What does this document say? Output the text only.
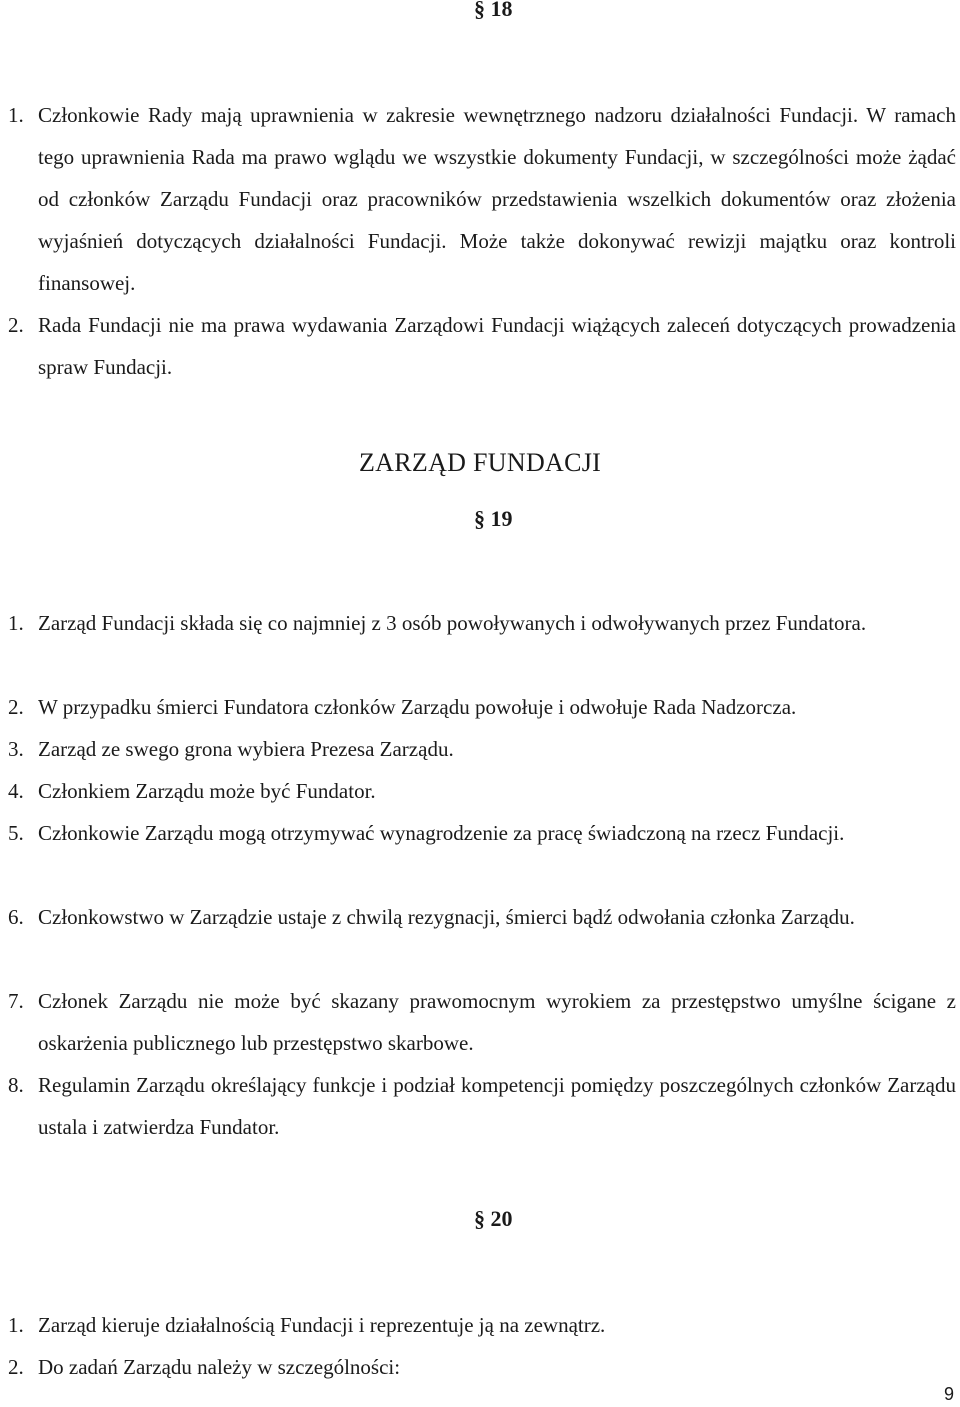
§ 18
1. Członkowie Rady mają uprawnienia w zakresie wewnętrznego nadzoru działalności Fundacji. W ramach tego uprawnienia Rada ma prawo wglądu we wszystkie dokumenty Fundacji, w szczególności może żądać od członków Zarządu Fundacji oraz pracowników przedstawienia wszelkich dokumentów oraz złożenia wyjaśnień dotyczących działalności Fundacji. Może także dokonywać rewizji majątku oraz kontroli finansowej.
2. Rada Fundacji nie ma prawa wydawania Zarządowi Fundacji wiążących zaleceń dotyczących prowadzenia spraw Fundacji.
ZARZĄD FUNDACJI
§ 19
1. Zarząd Fundacji składa się co najmniej z 3 osób powoływanych i odwoływanych przez Fundatora.
2. W przypadku śmierci Fundatora członków Zarządu powołuje i odwołuje Rada Nadzorcza.
3. Zarząd ze swego grona wybiera Prezesa Zarządu.
4. Członkiem Zarządu może być Fundator.
5. Członkowie Zarządu mogą otrzymywać wynagrodzenie za pracę świadczoną na rzecz Fundacji.
6. Członkowstwo w Zarządzie ustaje z chwilą rezygnacji, śmierci bądź odwołania członka Zarządu.
7. Członek Zarządu nie może być skazany prawomocnym wyrokiem za przestępstwo umyślne ścigane z oskarżenia publicznego lub przestępstwo skarbowe.
8. Regulamin Zarządu określający funkcje i podział kompetencji pomiędzy poszczególnych członków Zarządu ustala i zatwierdza Fundator.
§ 20
1. Zarząd kieruje działalnością Fundacji i reprezentuje ją na zewnątrz.
2. Do zadań Zarządu należy w szczególności:
9
